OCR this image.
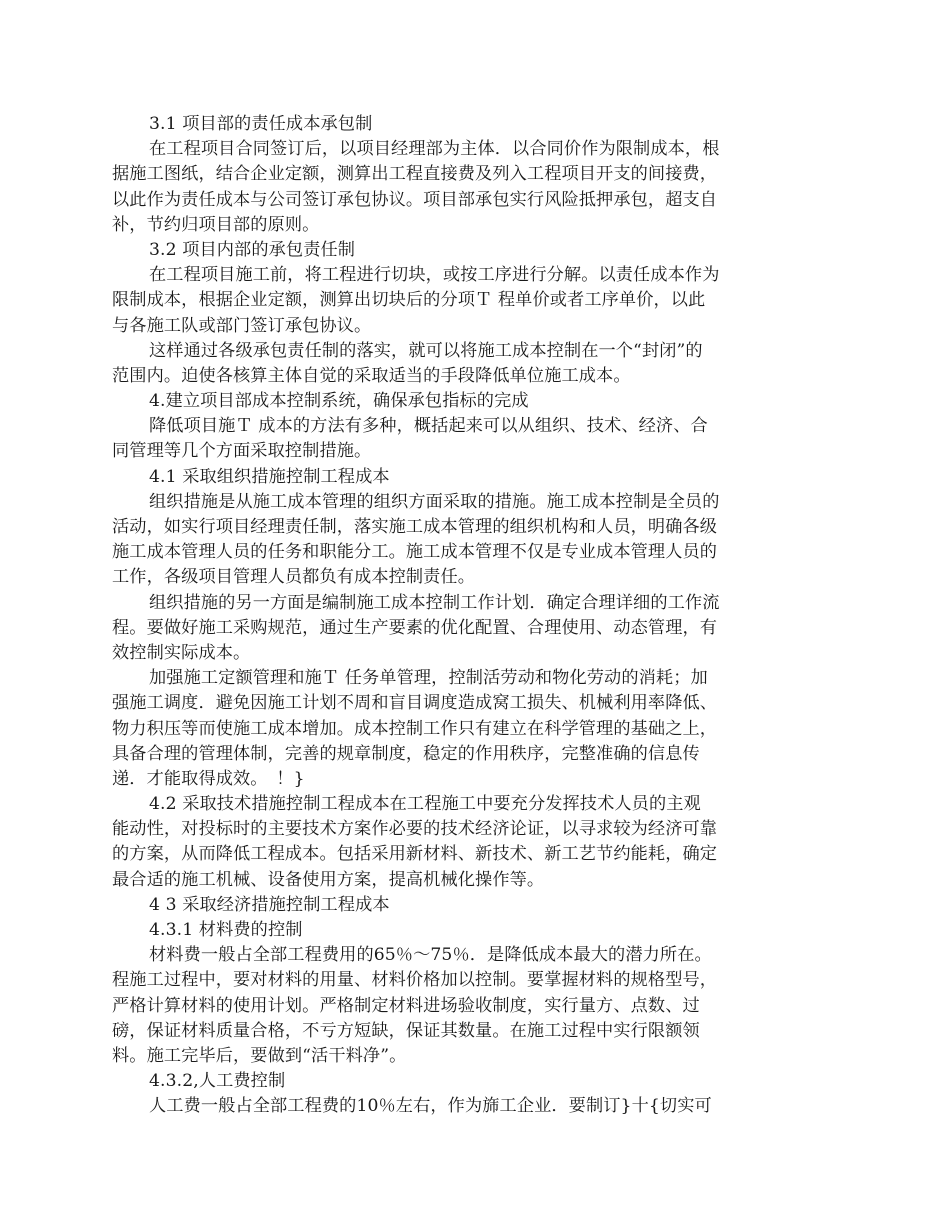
3.1 项目部的责任成本承包制
在工程项目合同签订后，以项目经理部为主体．以合同价作为限制成本，根
据施工图纸，结合企业定额，测算出工程直接费及列入工程项目开支的间接费，
以此作为责任成本与公司签订承包协议。项目部承包实行风险抵押承包，超支自
补，节约归项目部的原则。
3.2 项目内部的承包责任制
在工程项目施工前，将工程进行切块，或按工序进行分解。以责任成本作为
限制成本，根据企业定额，测算出切块后的分项Ｔ 程单价或者工序单价，以此
与各施工队或部门签订承包协议。
这样通过各级承包责任制的落实，就可以将施工成本控制在一个“封闭”的
范围内。迫使各核算主体自觉的采取适当的手段降低单位施工成本。
4.建立项目部成本控制系统，确保承包指标的完成
降低项目施Ｔ 成本的方法有多种，概括起来可以从组织、技术、经济、合
同管理等几个方面采取控制措施。
4.1 采取组织措施控制工程成本
组织措施是从施工成本管理的组织方面采取的措施。施工成本控制是全员的
活动，如实行项目经理责任制，落实施工成本管理的组织机构和人员，明确各级
施工成本管理人员的任务和职能分工。施工成本管理不仅是专业成本管理人员的
工作，各级项目管理人员都负有成本控制责任。
组织措施的另一方面是编制施工成本控制工作计划．确定合理详细的工作流
程。要做好施工采购规范，通过生产要素的优化配置、合理使用、动态管理，有
效控制实际成本。
加强施工定额管理和施Ｔ 任务单管理，控制活劳动和物化劳动的消耗；加
强施工调度．避免因施工计划不周和盲目调度造成窝工损失、机械利用率降低、
物力积压等而使施工成本增加。成本控制工作只有建立在科学管理的基础之上，
具备合理的管理体制，完善的规章制度，稳定的作用秩序，完整准确的信息传
递．才能取得成效。　！}
4.2 采取技术措施控制工程成本在工程施工中要充分发挥技术人员的主观
能动性，对投标时的主要技术方案作必要的技术经济论证，以寻求较为经济可靠
的方案，从而降低工程成本。包括采用新材料、新技术、新工艺节约能耗，确定
最合适的施工机械、设备使用方案，提高机械化操作等。
4 3 采取经济措施控制工程成本
4.3.1 材料费的控制
材料费一般占全部工程费用的65％～75％．是降低成本最大的潜力所在。
程施工过程中，要对材料的用量、材料价格加以控制。要掌握材料的规格型号，
严格计算材料的使用计划。严格制定材料进场验收制度，实行量方、点数、过
磅，保证材料质量合格，不亏方短缺，保证其数量。在施工过程中实行限额领
料。施工完毕后，要做到“活干料净”。
4.3.2,人工费控制
人工费一般占全部工程费的10％左右，作为旆工企业．要制订}十{切实可
